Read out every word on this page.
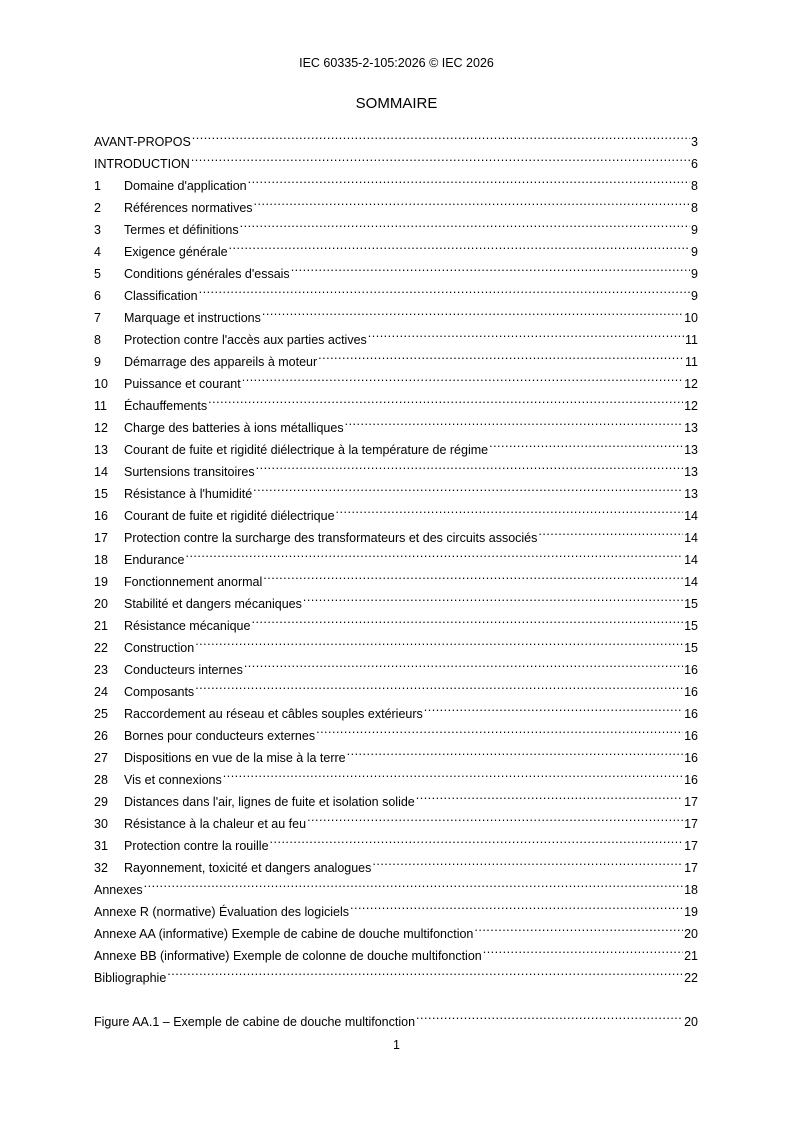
IEC 60335-2-105:2026 © IEC 2026
SOMMAIRE
AVANT-PROPOS .....	3
INTRODUCTION .....	6
1	Domaine d'application .....	8
2	Références normatives .....	8
3	Termes et définitions .....	9
4	Exigence générale .....	9
5	Conditions générales d'essais .....	9
6	Classification .....	9
7	Marquage et instructions .....	10
8	Protection contre l'accès aux parties actives .....	11
9	Démarrage des appareils à moteur .....	11
10	Puissance et courant .....	12
11	Échauffements .....	12
12	Charge des batteries à ions métalliques .....	13
13	Courant de fuite et rigidité diélectrique à la température de régime .....	13
14	Surtensions transitoires .....	13
15	Résistance à l'humidité .....	13
16	Courant de fuite et rigidité diélectrique .....	14
17	Protection contre la surcharge des transformateurs et des circuits associés .....	14
18	Endurance .....	14
19	Fonctionnement anormal .....	14
20	Stabilité et dangers mécaniques .....	15
21	Résistance mécanique .....	15
22	Construction .....	15
23	Conducteurs internes .....	16
24	Composants .....	16
25	Raccordement au réseau et câbles souples extérieurs .....	16
26	Bornes pour conducteurs externes .....	16
27	Dispositions en vue de la mise à la terre .....	16
28	Vis et connexions .....	16
29	Distances dans l'air, lignes de fuite et isolation solide .....	17
30	Résistance à la chaleur et au feu .....	17
31	Protection contre la rouille .....	17
32	Rayonnement, toxicité et dangers analogues .....	17
Annexes .....	18
Annexe R (normative) Évaluation des logiciels .....	19
Annexe AA (informative) Exemple de cabine de douche multifonction .....	20
Annexe BB (informative) Exemple de colonne de douche multifonction .....	21
Bibliographie .....	22
Figure AA.1 – Exemple de cabine de douche multifonction .....	20
1
